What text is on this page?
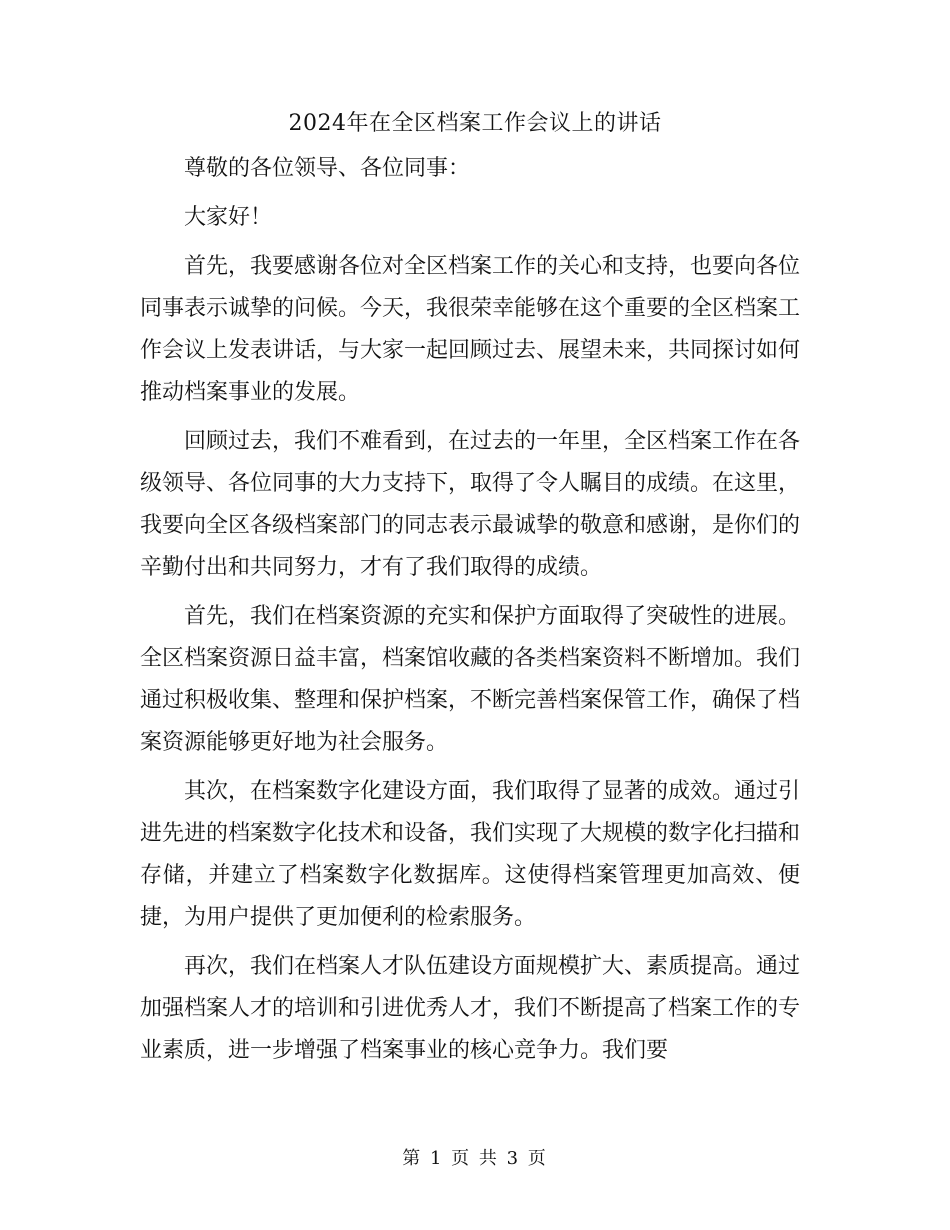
2024年在全区档案工作会议上的讲话

尊敬的各位领导、各位同事：

大家好！

首先，我要感谢各位对全区档案工作的关心和支持，也要向各位同事表示诚挚的问候。今天，我很荣幸能够在这个重要的全区档案工作会议上发表讲话，与大家一起回顾过去、展望未来，共同探讨如何推动档案事业的发展。

回顾过去，我们不难看到，在过去的一年里，全区档案工作在各级领导、各位同事的大力支持下，取得了令人瞩目的成绩。在这里，我要向全区各级档案部门的同志表示最诚挚的敬意和感谢，是你们的辛勤付出和共同努力，才有了我们取得的成绩。

首先，我们在档案资源的充实和保护方面取得了突破性的进展。全区档案资源日益丰富，档案馆收藏的各类档案资料不断增加。我们通过积极收集、整理和保护档案，不断完善档案保管工作，确保了档案资源能够更好地为社会服务。

其次，在档案数字化建设方面，我们取得了显著的成效。通过引进先进的档案数字化技术和设备，我们实现了大规模的数字化扫描和存储，并建立了档案数字化数据库。这使得档案管理更加高效、便捷，为用户提供了更加便利的检索服务。

再次，我们在档案人才队伍建设方面规模扩大、素质提高。通过加强档案人才的培训和引进优秀人才，我们不断提高了档案工作的专业素质，进一步增强了档案事业的核心竞争力。我们要

第 1 页 共 3 页
